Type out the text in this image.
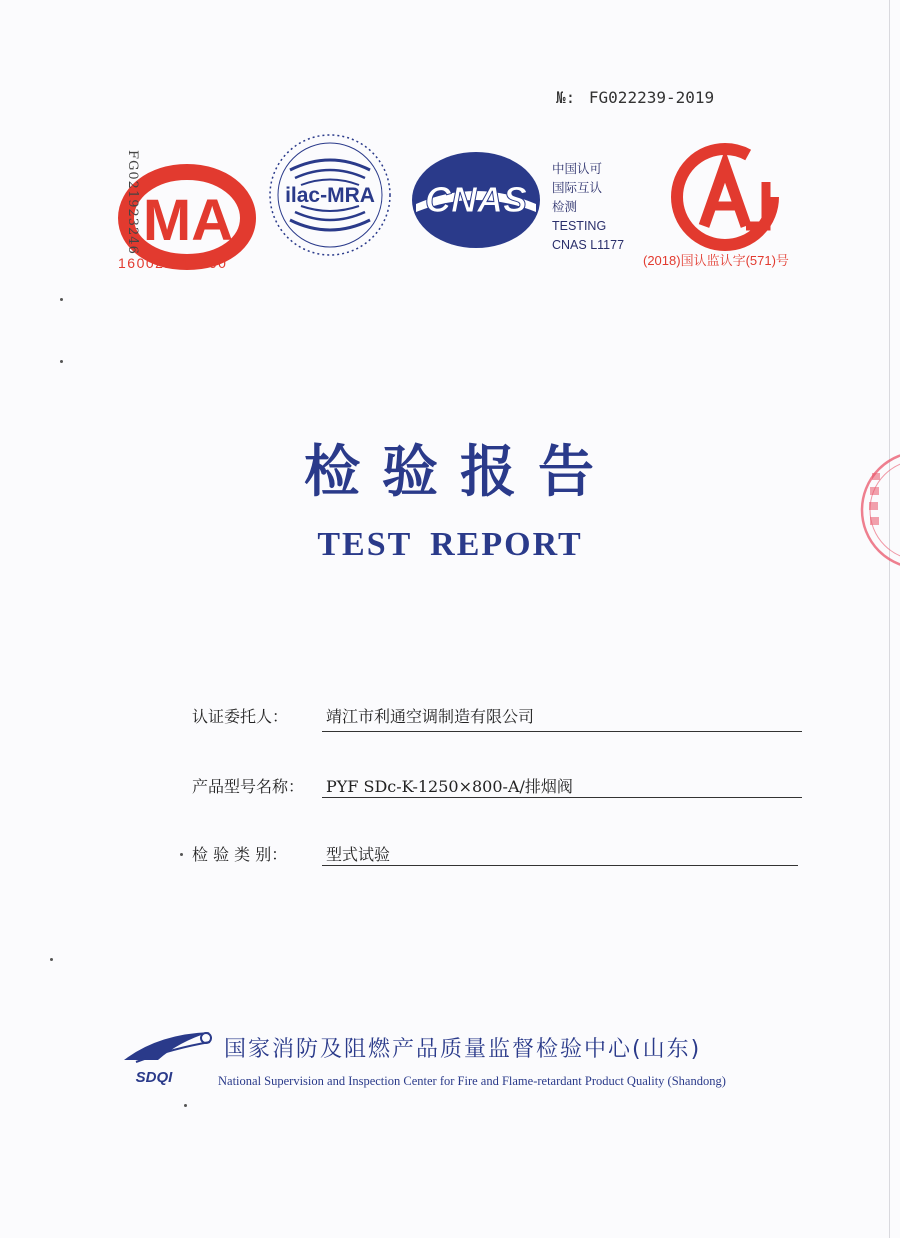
№: FG022239-2019
MA
FG021923246
160021113460
ilac-MRA CNAS
中国认可
国际互认
检测
TESTING
CNAS L1177
(2018)国认监认字(571)号
检验报告
TEST REPORT
认证委托人： 靖江市利通空调制造有限公司
产品型号名称： PYF SDc-K-1250×800-A/排烟阀
检 验 类 别： 型式试验
SDQI
国家消防及阻燃产品质量监督检验中心(山东)
National Supervision and Inspection Center for Fire and Flame-retardant Product Quality (Shandong)
